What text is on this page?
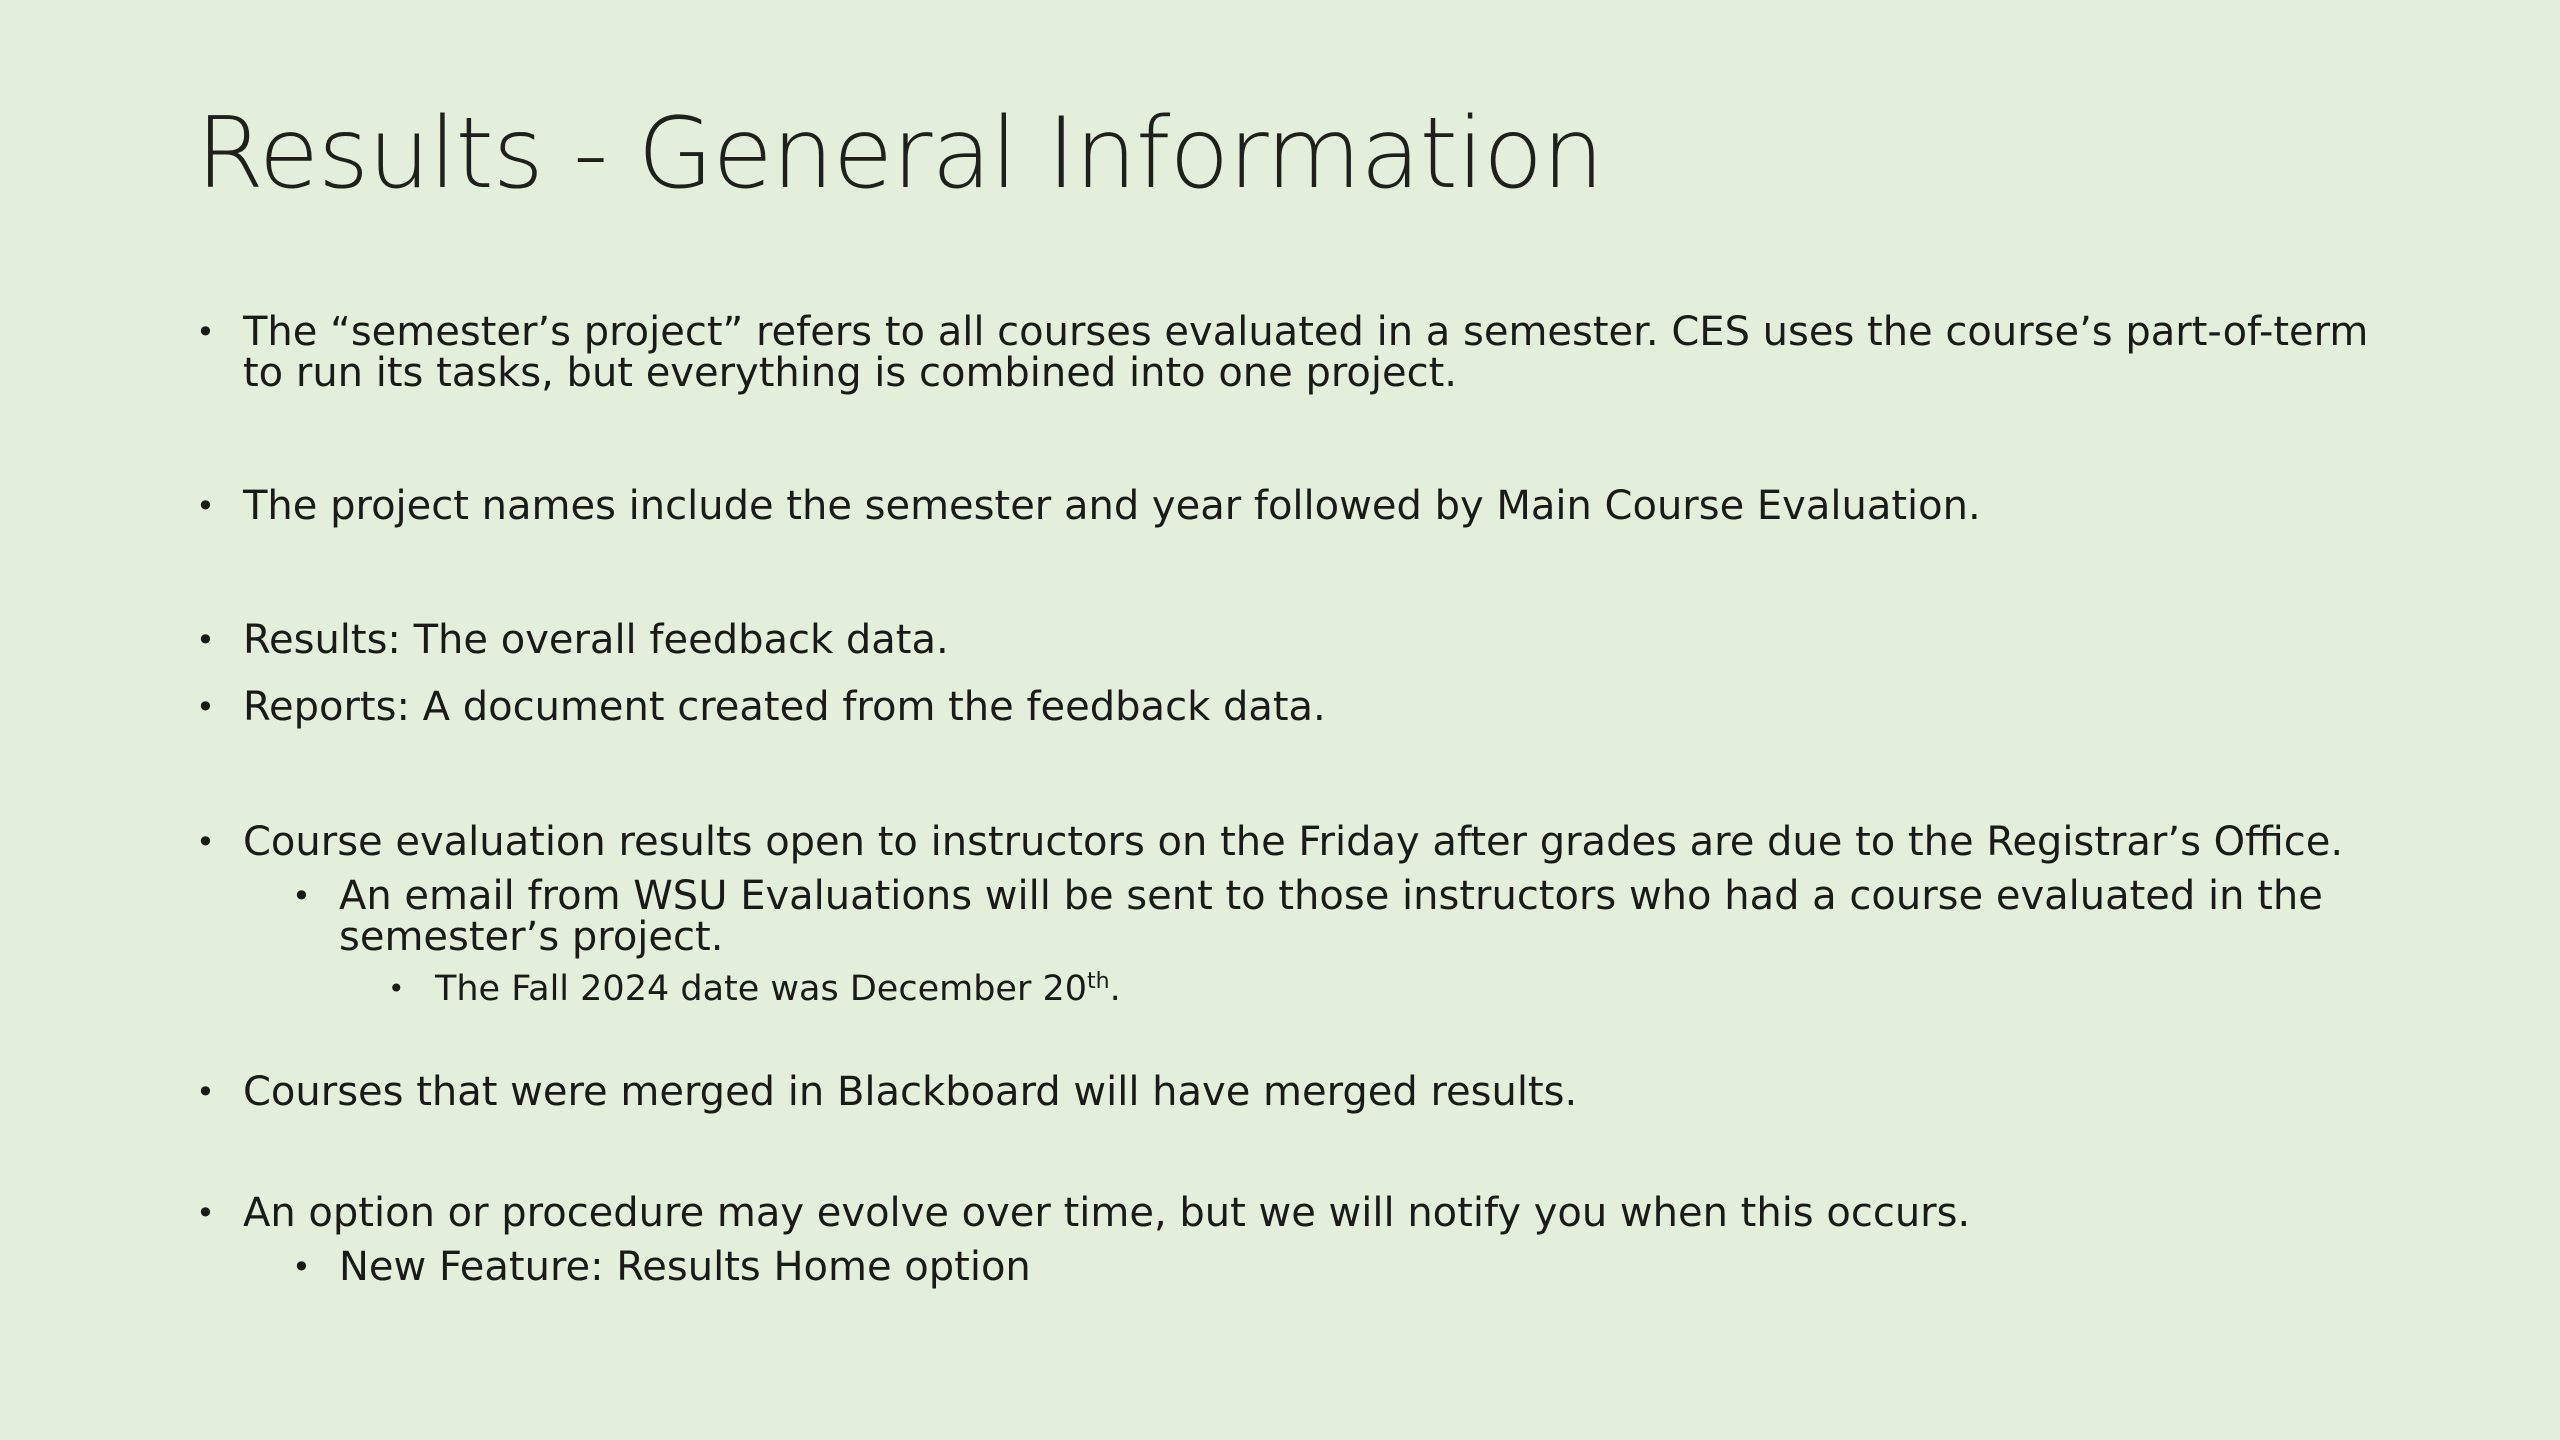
Results - General Information
• The “semester’s project” refers to all courses evaluated in a semester. CES uses the course’s part-of-term to run its tasks, but everything is combined into one project.
• The project names include the semester and year followed by Main Course Evaluation.
• Results: The overall feedback data.
• Reports: A document created from the feedback data.
• Course evaluation results open to instructors on the Friday after grades are due to the Registrar’s Office.
• An email from WSU Evaluations will be sent to those instructors who had a course evaluated in the semester’s project.
• The Fall 2024 date was December 20th.
• Courses that were merged in Blackboard will have merged results.
• An option or procedure may evolve over time, but we will notify you when this occurs.
• New Feature: Results Home option
